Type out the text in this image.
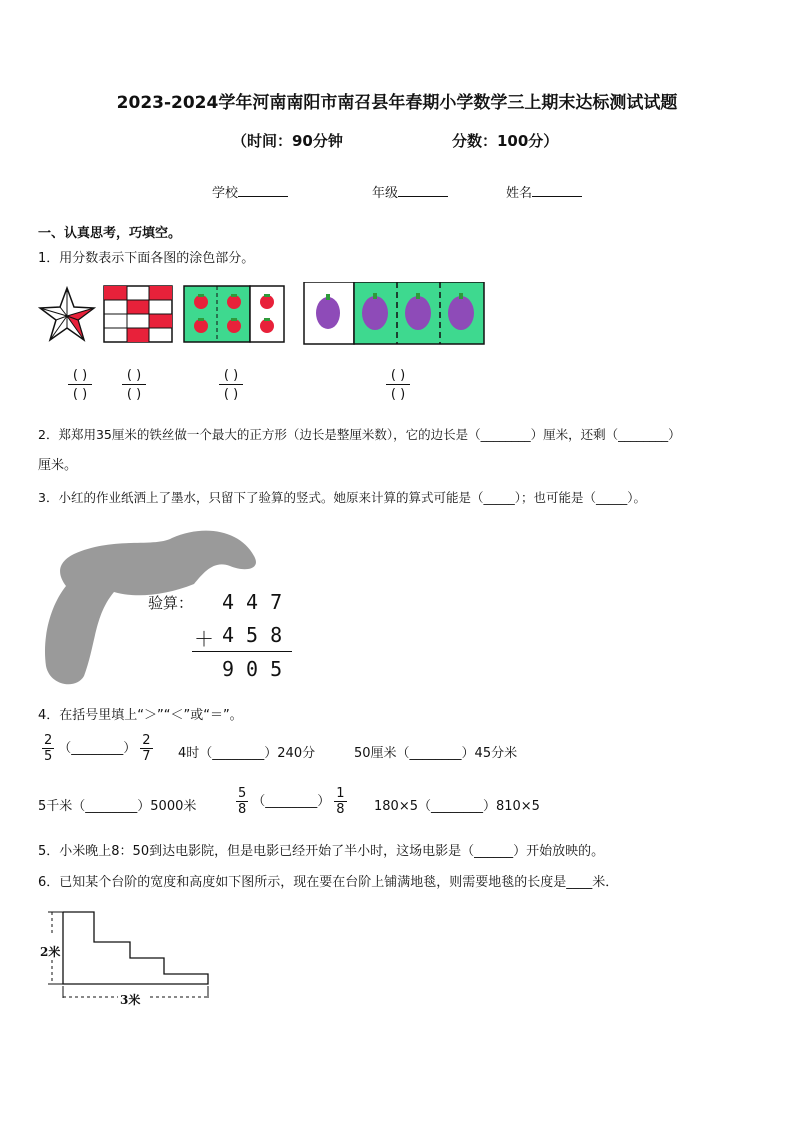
2023-2024学年河南南阳市南召县年春期小学数学三上期末达标测试试题
（时间：90分钟	分数：100分）
学校	年级	姓名
一、认真思考，巧填空。
1．用分数表示下面各图的涂色部分。
( )
( )
( )
( )
( )
( )
( )
( )
2．郑郑用35厘米的铁丝做一个最大的正方形（边长是整厘米数），它的边长是（________）厘米，还剩（________）
厘米。
3．小红的作业纸洒上了墨水，只留下了验算的竖式。她原来计算的算式可能是（_____）；也可能是（_____）。
验算： 447
＋
458
905
4．在括号里填上“＞”“＜”或“＝”。
$\frac{2}{5}$ （________） $\frac{2}{7} 4$时（________）240分	50厘米（________）45分米
5千米（________）5000米	$\frac{5}{8}$ （________） $\frac{1}{8}$ 180×5（________）810×5
5．小米晚上8：50到达电影院，但是电影已经开始了半小时，这场电影是（______）开始放映的。
6．已知某个台阶的宽度和高度如下图所示，现在要在台阶上铺满地毯，则需要地毯的长度是____米．
2米
3米
